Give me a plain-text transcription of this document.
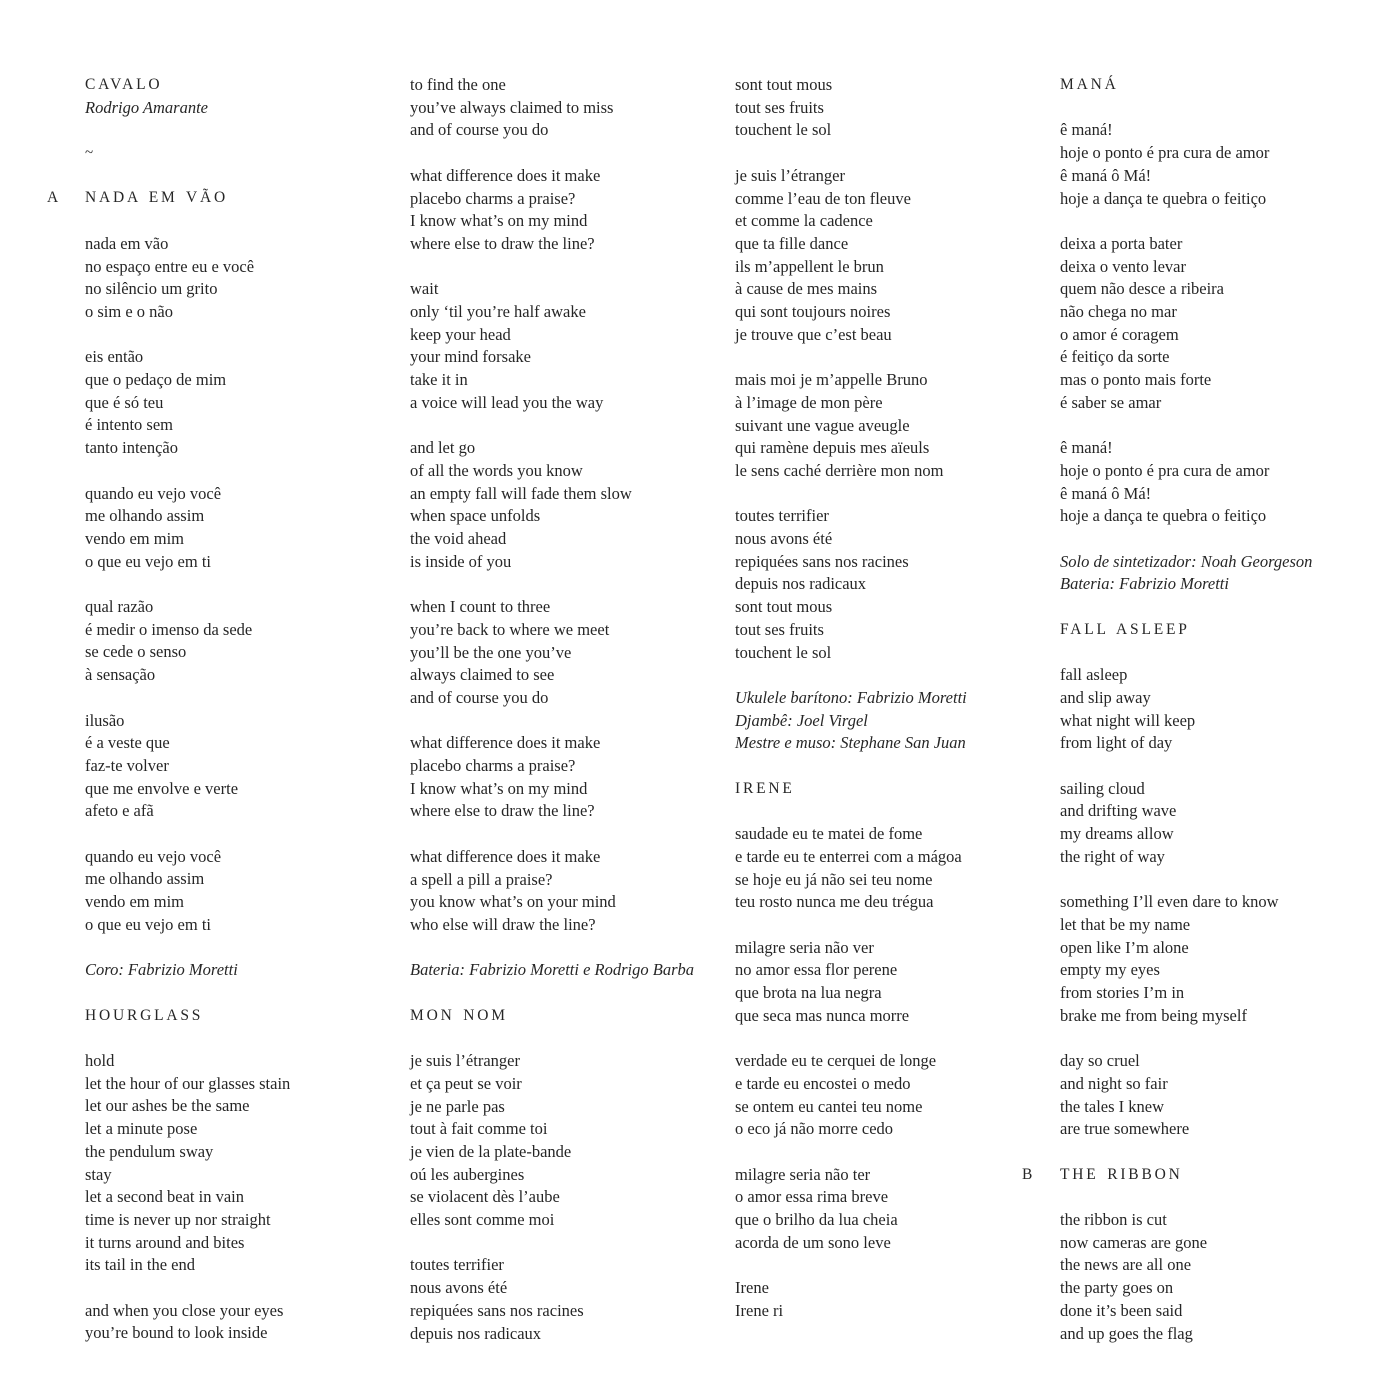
CAVALO
Rodrigo Amarante
~
A NADA EM VÃO
nada em vão
no espaço entre eu e você
no silêncio um grito
o sim e o não
eis então
que o pedaço de mim
que é só teu
é intento sem
tanto intenção
quando eu vejo você
me olhando assim
vendo em mim
o que eu vejo em ti
qual razão
é medir o imenso da sede
se cede o senso
à sensação
ilusão
é a veste que
faz-te volver
que me envolve e verte
afeto e afã
quando eu vejo você
me olhando assim
vendo em mim
o que eu vejo em ti
Coro: Fabrizio Moretti
HOURGLASS
hold
let the hour of our glasses stain
let our ashes be the same
let a minute pose
the pendulum sway
stay
let a second beat in vain
time is never up nor straight
it turns around and bites
its tail in the end
and when you close your eyes
you’re bound to look inside
to find the one
you’ve always claimed to miss
and of course you do
what difference does it make
placebo charms a praise?
I know what’s on my mind
where else to draw the line?
wait
only ‘til you’re half awake
keep your head
your mind forsake
take it in
a voice will lead you the way
and let go
of all the words you know
an empty fall will fade them slow
when space unfolds
the void ahead
is inside of you
when I count to three
you’re back to where we meet
you’ll be the one you’ve
always claimed to see
and of course you do
what difference does it make
placebo charms a praise?
I know what’s on my mind
where else to draw the line?
what difference does it make
a spell a pill a praise?
you know what’s on your mind
who else will draw the line?
Bateria: Fabrizio Moretti e Rodrigo Barba
MON NOM
je suis l’étranger
et ça peut se voir
je ne parle pas
tout à fait comme toi
je vien de la plate-bande
oú les aubergines
se violacent dès l’aube
elles sont comme moi
toutes terrifier
nous avons été
repiquées sans nos racines
depuis nos radicaux
sont tout mous
tout ses fruits
touchent le sol
je suis l’étranger
comme l’eau de ton fleuve
et comme la cadence
que ta fille dance
ils m’appellent le brun
à cause de mes mains
qui sont toujours noires
je trouve que c’est beau
mais moi je m’appelle Bruno
à l’image de mon père
suivant une vague aveugle
qui ramène depuis mes aïeuls
le sens caché derrière mon nom
toutes terrifier
nous avons été
repiquées sans nos racines
depuis nos radicaux
sont tout mous
tout ses fruits
touchent le sol
Ukulele barítono: Fabrizio Moretti
Djambê: Joel Virgel
Mestre e muso: Stephane San Juan
IRENE
saudade eu te matei de fome
e tarde eu te enterrei com a mágoa
se hoje eu já não sei teu nome
teu rosto nunca me deu trégua
milagre seria não ver
no amor essa flor perene
que brota na lua negra
que seca mas nunca morre
verdade eu te cerquei de longe
e tarde eu encostei o medo
se ontem eu cantei teu nome
o eco já não morre cedo
milagre seria não ter
o amor essa rima breve
que o brilho da lua cheia
acorda de um sono leve
Irene
Irene ri
MANÁ
ê maná!
hoje o ponto é pra cura de amor
ê maná ô Má!
hoje a dança te quebra o feitiço
deixa a porta bater
deixa o vento levar
quem não desce a ribeira
não chega no mar
o amor é coragem
é feitiço da sorte
mas o ponto mais forte
é saber se amar
ê maná!
hoje o ponto é pra cura de amor
ê maná ô Má!
hoje a dança te quebra o feitiço
Solo de sintetizador: Noah Georgeson
Bateria: Fabrizio Moretti
FALL ASLEEP
fall asleep
and slip away
what night will keep
from light of day
sailing cloud
and drifting wave
my dreams allow
the right of way
something I’ll even dare to know
let that be my name
open like I’m alone
empty my eyes
from stories I’m in
brake me from being myself
day so cruel
and night so fair
the tales I knew
are true somewhere
B THE RIBBON
the ribbon is cut
now cameras are gone
the news are all one
the party goes on
done it’s been said
and up goes the flag
